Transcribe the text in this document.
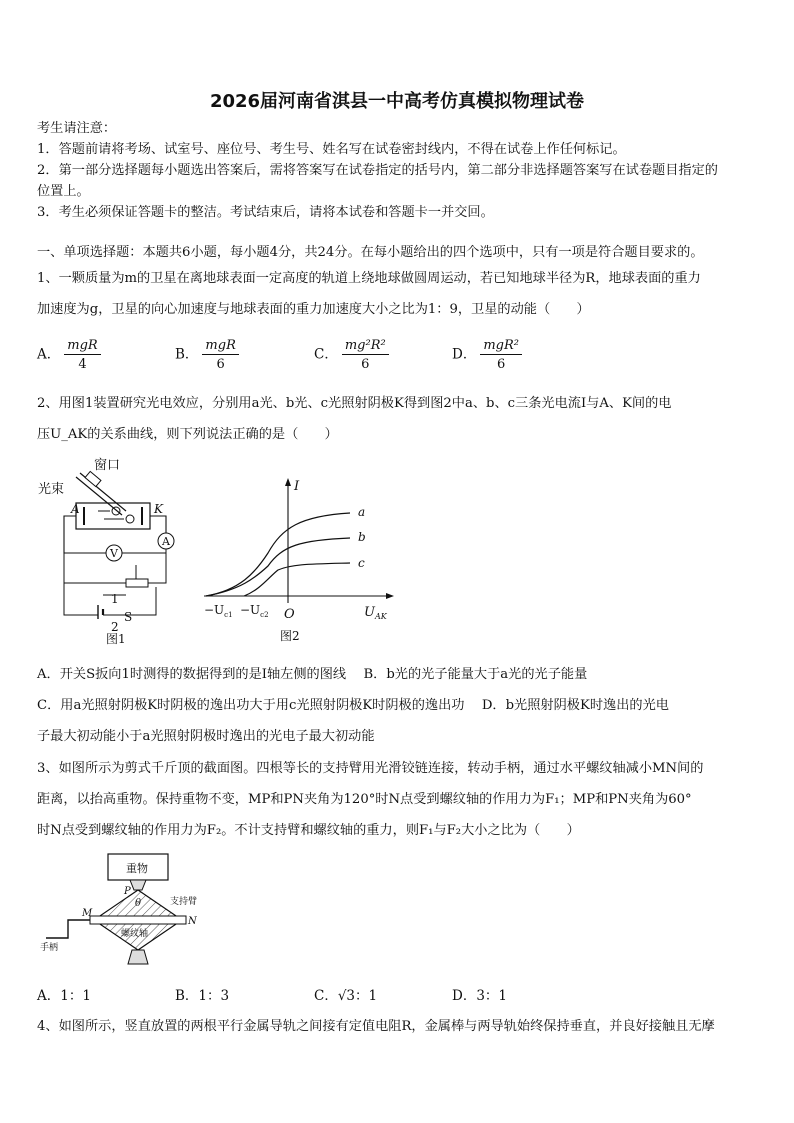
2026届河南省淇县一中高考仿真模拟物理试卷
考生请注意：
1．答题前请将考场、试室号、座位号、考生号、姓名写在试卷密封线内，不得在试卷上作任何标记。
2．第一部分选择题每小题选出答案后，需将答案写在试卷指定的括号内，第二部分非选择题答案写在试卷题目指定的
位置上。
3．考生必须保证答题卡的整洁。考试结束后，请将本试卷和答题卡一并交回。
一、单项选择题：本题共6小题，每小题4分，共24分。在每小题给出的四个选项中，只有一项是符合题目要求的。
1、一颗质量为m的卫星在离地球表面一定高度的轨道上绕地球做圆周运动，若已知地球半径为R，地球表面的重力
加速度为g，卫星的向心加速度与地球表面的重力加速度大小之比为1：9，卫星的动能（　　）
A． $\frac{\text{mgR}}{4}$	B． $\frac{\text{mgR}}{6}$	C． $\frac{\text{mg²R²}}{6}$	D． $\frac{\text{mgR²}}{6}$
2、用图1装置研究光电效应，分别用a光、b光、c光照射阴极K得到图2中a、b、c三条光电流I与A、K间的电
压U_AK的关系曲线，则下列说法正确的是（　　）
窗口
光束
A	K
V
A
1
2
S
图1
I
$U_{AK}$
O
$-U_{c1} -U_{c2}$
a
b
c
图2
A．开关S扳向1时测得的数据得到的是I轴左侧的图线　 B．b光的光子能量大于a光的光子能量
C．用a光照射阴极K时阴极的逸出功大于用c光照射阴极K时阴极的逸出功　 D．b光照射阴极K时逸出的光电
子最大初动能小于a光照射阴极时逸出的光电子最大初动能
3、如图所示为剪式千斤顶的截面图。四根等长的支持臂用光滑铰链连接，转动手柄，通过水平螺纹轴减小MN间的
距离，以抬高重物。保持重物不变，MP和PN夹角为120°时N点受到螺纹轴的作用力为F₁；MP和PN夹角为60°
时N点受到螺纹轴的作用力为F₂。不计支持臂和螺纹轴的重力，则F₁与F₂大小之比为（　　）
重物
P
支持臂
螺纹轴
M
N
手柄
A．1：1	B．1：3	C．√3：1	D．3：1
4、如图所示，竖直放置的两根平行金属导轨之间接有定值电阻R，金属棒与两导轨始终保持垂直，并良好接触且无摩
